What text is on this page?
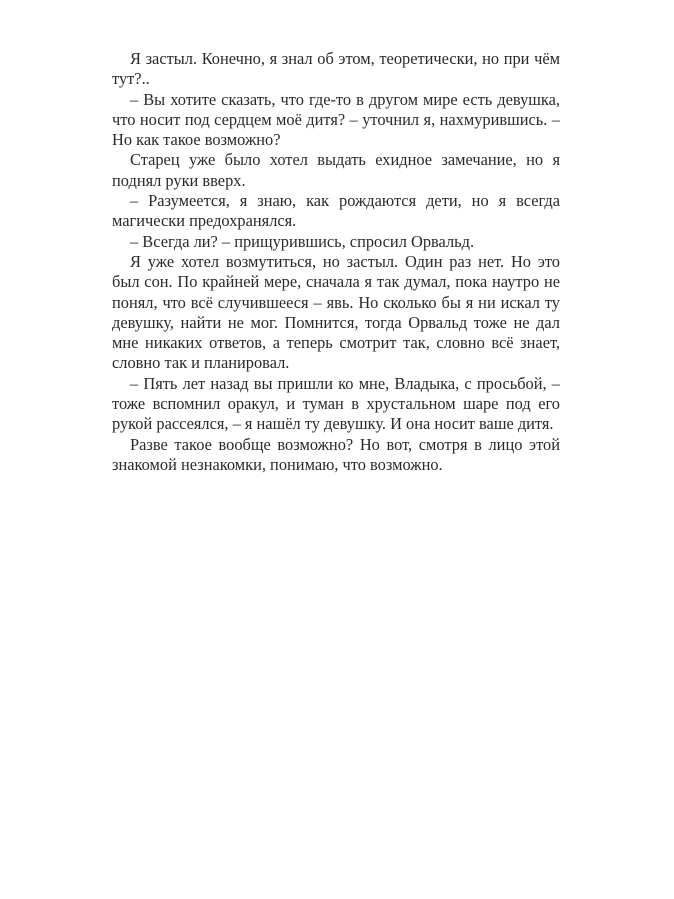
Я застыл. Конечно, я знал об этом, теоретически, но при чём тут?..

– Вы хотите сказать, что где-то в другом мире есть девушка, что носит под сердцем моё дитя? – уточнил я, нахмурившись. – Но как такое возможно?

Старец уже было хотел выдать ехидное замечание, но я поднял руки вверх.

– Разумеется, я знаю, как рождаются дети, но я всегда магически предохранялся.

– Всегда ли? – прищурившись, спросил Орвальд.

Я уже хотел возмутиться, но застыл. Один раз нет. Но это был сон. По крайней мере, сначала я так думал, пока наутро не понял, что всё случившееся – явь. Но сколько бы я ни искал ту девушку, найти не мог. Помнится, тогда Орвальд тоже не дал мне никаких ответов, а теперь смотрит так, словно всё знает, словно так и планировал.

– Пять лет назад вы пришли ко мне, Владыка, с просьбой, – тоже вспомнил оракул, и туман в хрустальном шаре под его рукой рассеялся, – я нашёл ту девушку. И она носит ваше дитя.

Разве такое вообще возможно? Но вот, смотря в лицо этой знакомой незнакомки, понимаю, что возможно.
